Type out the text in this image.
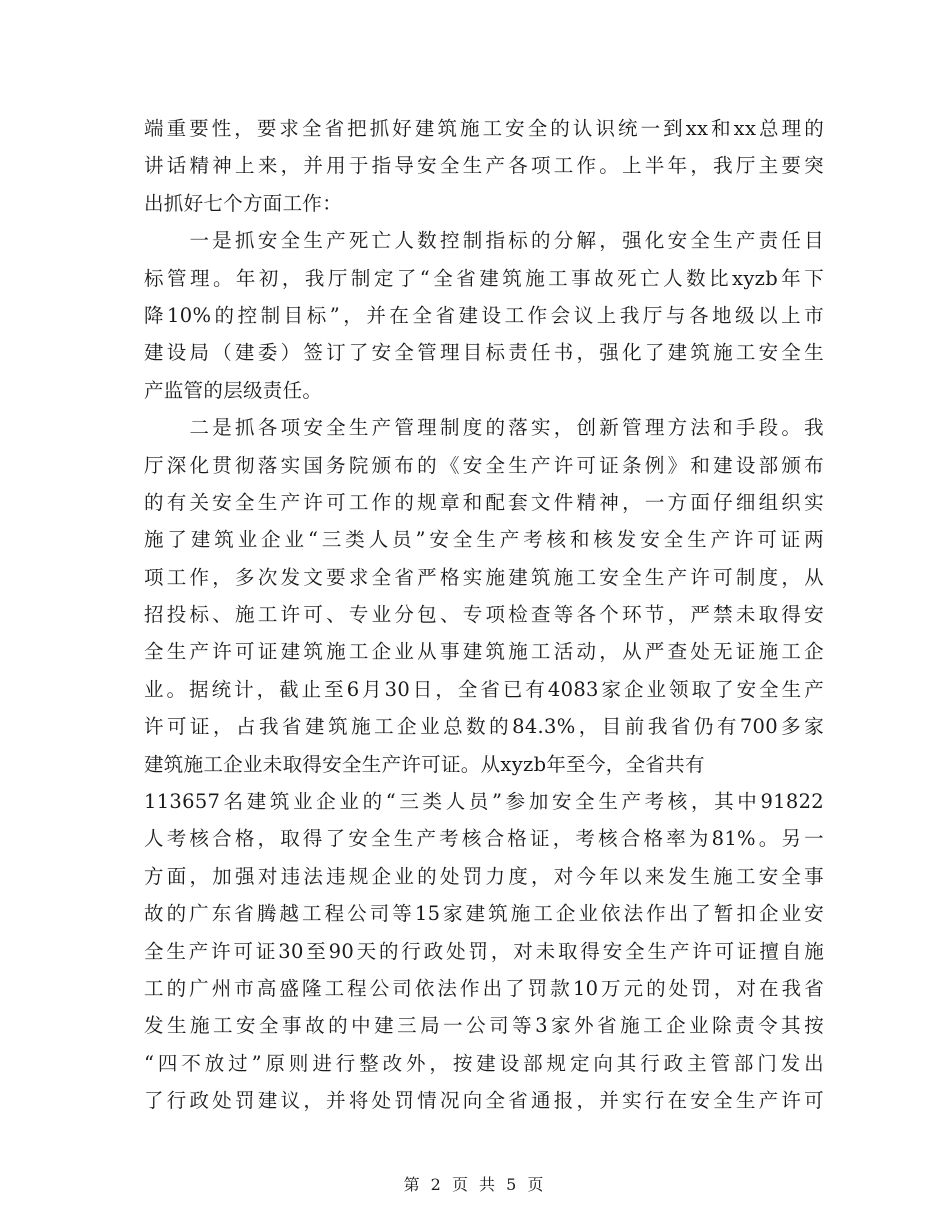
端重要性，要求全省把抓好建筑施工安全的认识统一到xx和xx总理的
讲话精神上来，并用于指导安全生产各项工作。上半年，我厅主要突
出抓好七个方面工作：
　　一是抓安全生产死亡人数控制指标的分解，强化安全生产责任目
标管理。年初，我厅制定了“全省建筑施工事故死亡人数比xyzb年下
降10%的控制目标”，并在全省建设工作会议上我厅与各地级以上市
建设局（建委）签订了安全管理目标责任书，强化了建筑施工安全生
产监管的层级责任。
　　二是抓各项安全生产管理制度的落实，创新管理方法和手段。我
厅深化贯彻落实国务院颁布的《安全生产许可证条例》和建设部颁布
的有关安全生产许可工作的规章和配套文件精神，一方面仔细组织实
施了建筑业企业“三类人员”安全生产考核和核发安全生产许可证两
项工作，多次发文要求全省严格实施建筑施工安全生产许可制度，从
招投标、施工许可、专业分包、专项检查等各个环节，严禁未取得安
全生产许可证建筑施工企业从事建筑施工活动，从严查处无证施工企
业。据统计，截止至6月30日，全省已有4083家企业领取了安全生产
许可证，占我省建筑施工企业总数的84.3%，目前我省仍有700多家
建筑施工企业未取得安全生产许可证。从xyzb年至今，全省共有
113657名建筑业企业的“三类人员”参加安全生产考核，其中91822
人考核合格，取得了安全生产考核合格证，考核合格率为81%。另一
方面，加强对违法违规企业的处罚力度，对今年以来发生施工安全事
故的广东省腾越工程公司等15家建筑施工企业依法作出了暂扣企业安
全生产许可证30至90天的行政处罚，对未取得安全生产许可证擅自施
工的广州市高盛隆工程公司依法作出了罚款10万元的处罚，对在我省
发生施工安全事故的中建三局一公司等3家外省施工企业除责令其按
“四不放过”原则进行整改外，按建设部规定向其行政主管部门发出
了行政处罚建议，并将处罚情况向全省通报，并实行在安全生产许可
第 2 页 共 5 页
